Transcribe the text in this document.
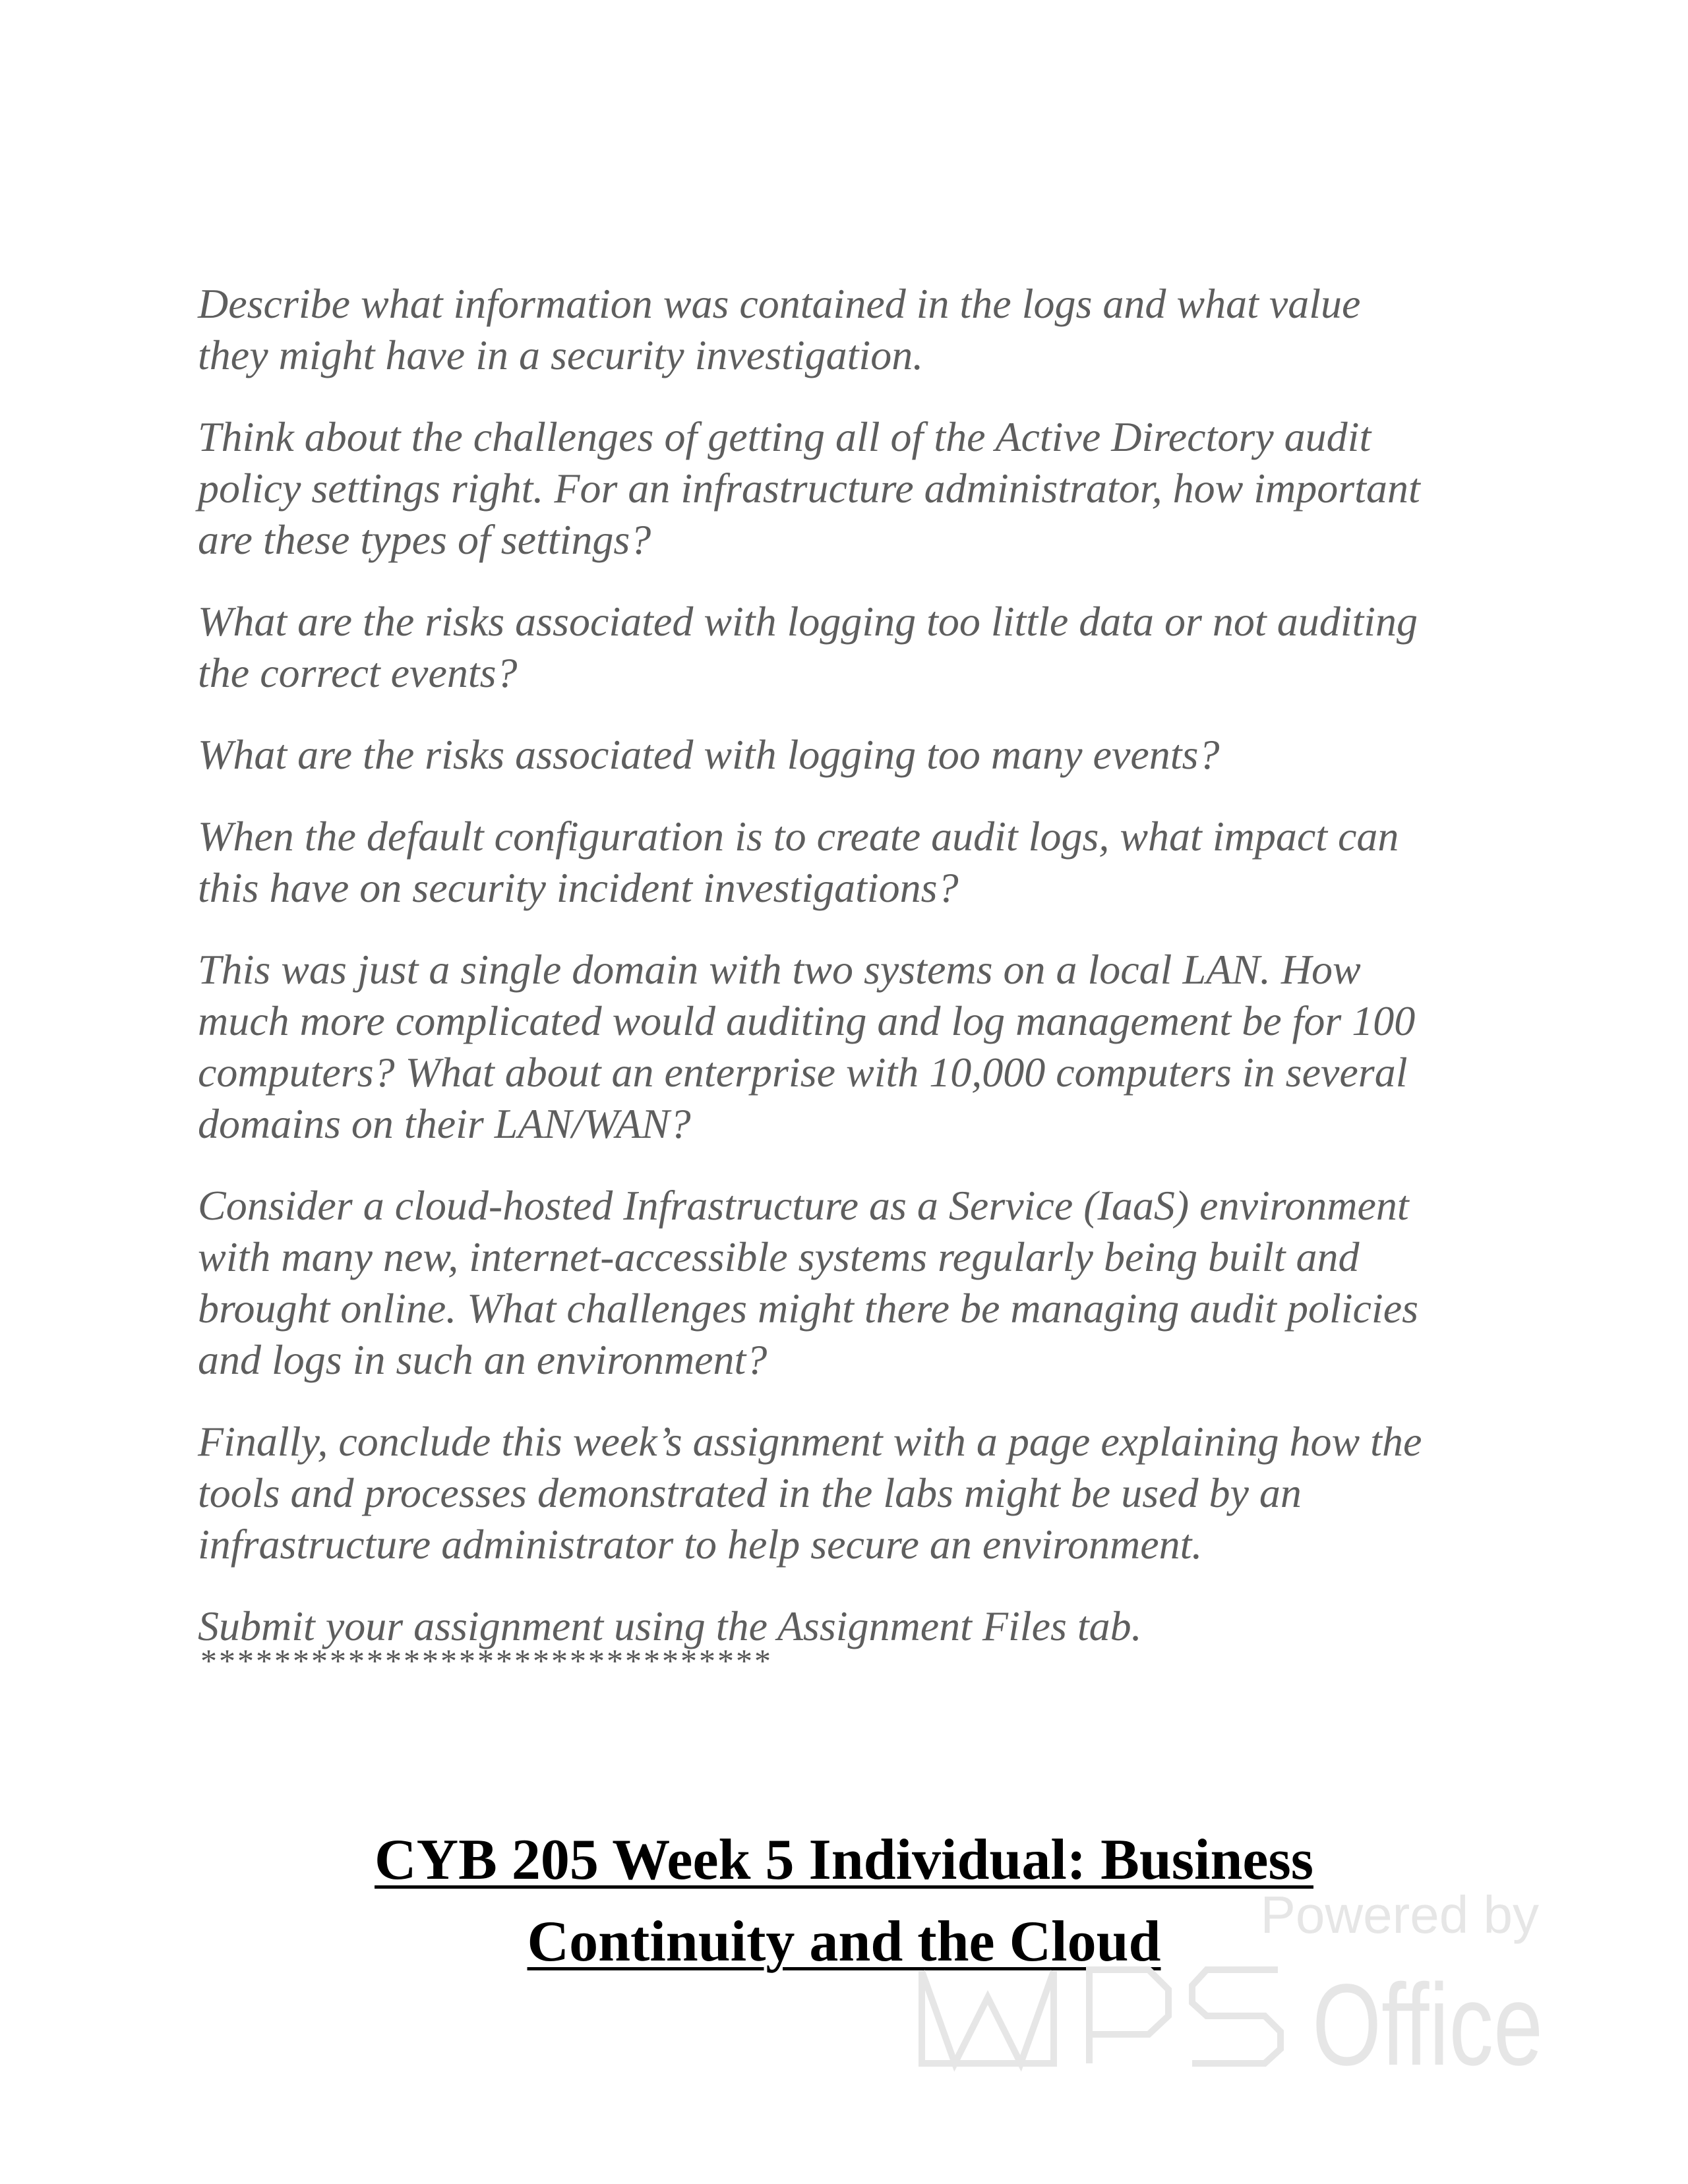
Describe what information was contained in the logs and what value
they might have in a security investigation.

Think about the challenges of getting all of the Active Directory audit
policy settings right. For an infrastructure administrator, how important
are these types of settings?

What are the risks associated with logging too little data or not auditing
the correct events?

What are the risks associated with logging too many events?

When the default configuration is to create audit logs, what impact can
this have on security incident investigations?

This was just a single domain with two systems on a local LAN. How
much more complicated would auditing and log management be for 100
computers? What about an enterprise with 10,000 computers in several
domains on their LAN/WAN?

Consider a cloud-hosted Infrastructure as a Service (IaaS) environment
with many new, internet-accessible systems regularly being built and
brought online. What challenges might there be managing audit policies
and logs in such an environment?

Finally, conclude this week’s assignment with a page explaining how the
tools and processes demonstrated in the labs might be used by an
infrastructure administrator to help secure an environment.

Submit your assignment using the Assignment Files tab.

*******************************
CYB 205 Week 5 Individual: Business
Continuity and the Cloud	Powered by
Office
